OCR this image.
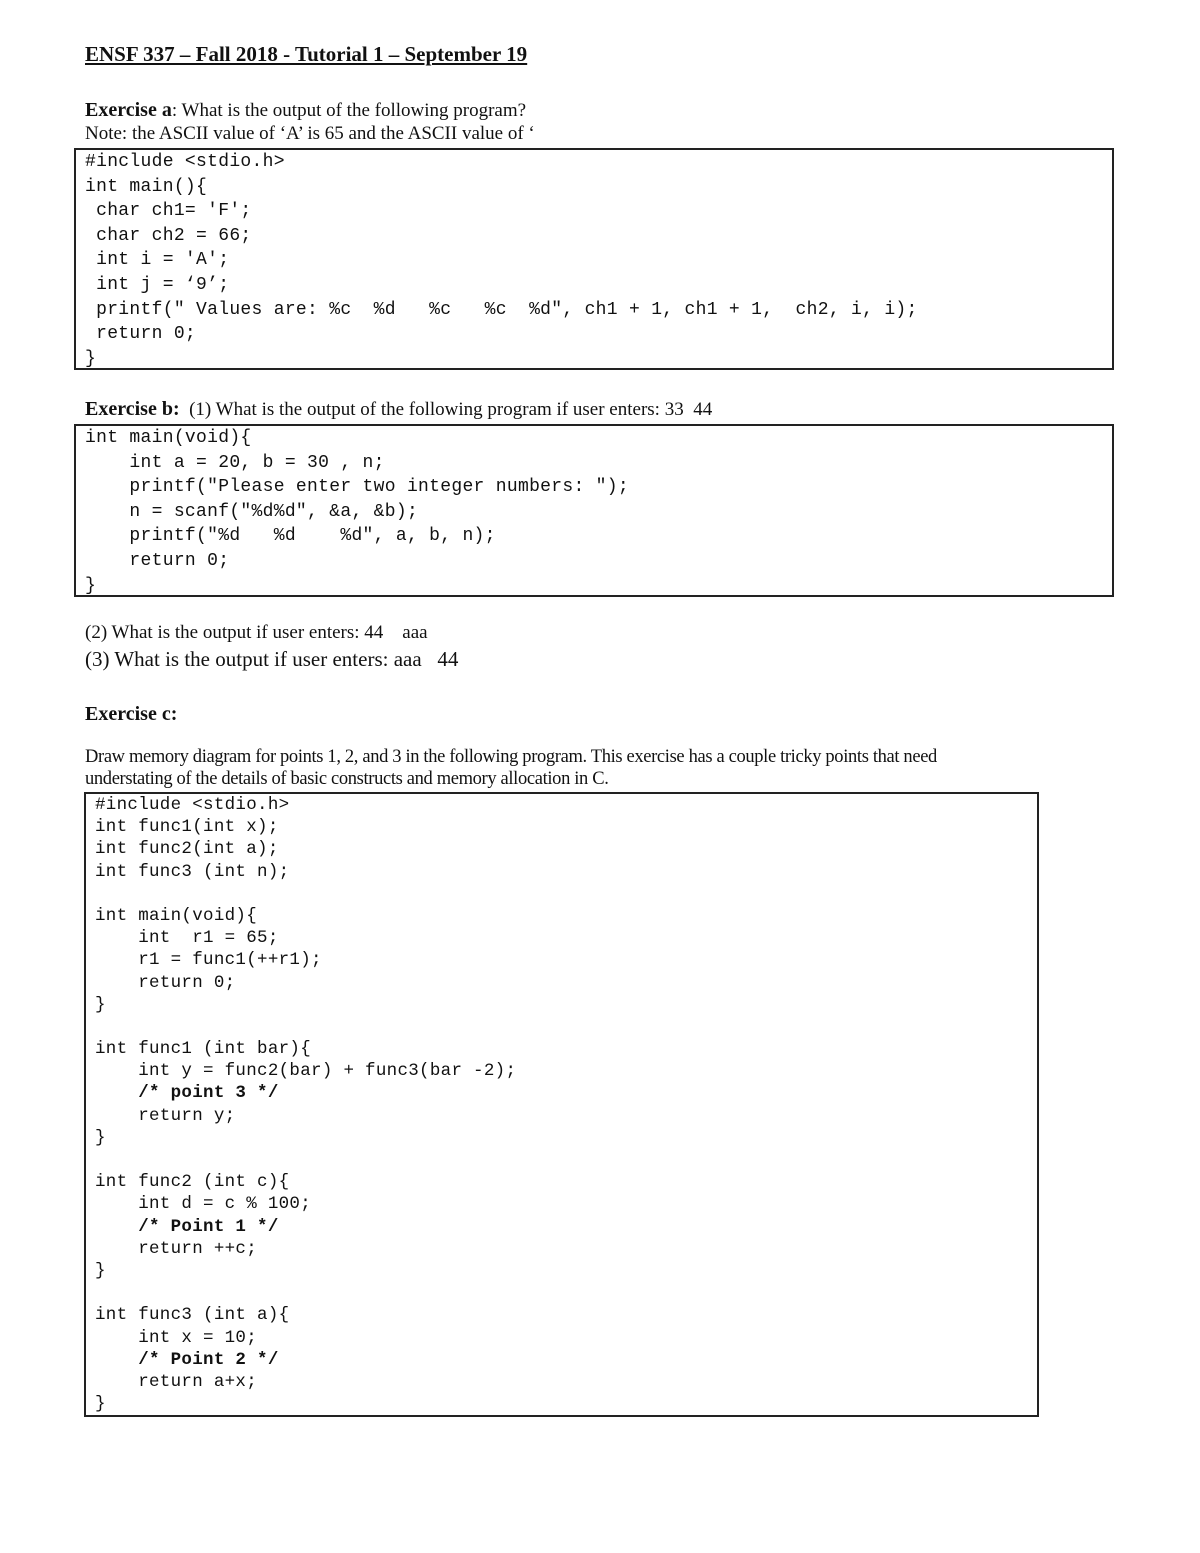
ENSF 337 – Fall 2018 - Tutorial 1 – September 19
Exercise a: What is the output of the following program?
Note: the ASCII value of ‘A’ is 65 and the ASCII value of ‘
#include <stdio.h>
int main(){
char ch1= 'F';
char ch2 = 66;
int i = 'A';
int j = ‘9’;
printf(" Values are: %c  %d   %c   %c  %d", ch1 + 1, ch1 + 1,  ch2, i, i);
return 0;
}
Exercise b:  (1) What is the output of the following program if user enters: 33  44
int main(void){
int a = 20, b = 30 , n;
printf("Please enter two integer numbers: ");
n = scanf("%d%d", &a, &b);
printf("%d   %d    %d", a, b, n);
return 0;
}
(2) What is the output if user enters: 44    aaa
(3) What is the output if user enters: aaa   44
Exercise c:
Draw memory diagram for points 1, 2, and 3 in the following program. This exercise has a couple tricky points that need
understating of the details of basic constructs and memory allocation in C.
#include <stdio.h>
int func1(int x);
int func2(int a);
int func3 (int n);
int main(void){
int  r1 = 65;
r1 = func1(++r1);
return 0;
}
int func1 (int bar){
int y = func2(bar) + func3(bar -2);
/* point 3 */
return y;
}
int func2 (int c){
int d = c % 100;
/* Point 1 */
return ++c;
}
int func3 (int a){
int x = 10;
/* Point 2 */
return a+x;
}
